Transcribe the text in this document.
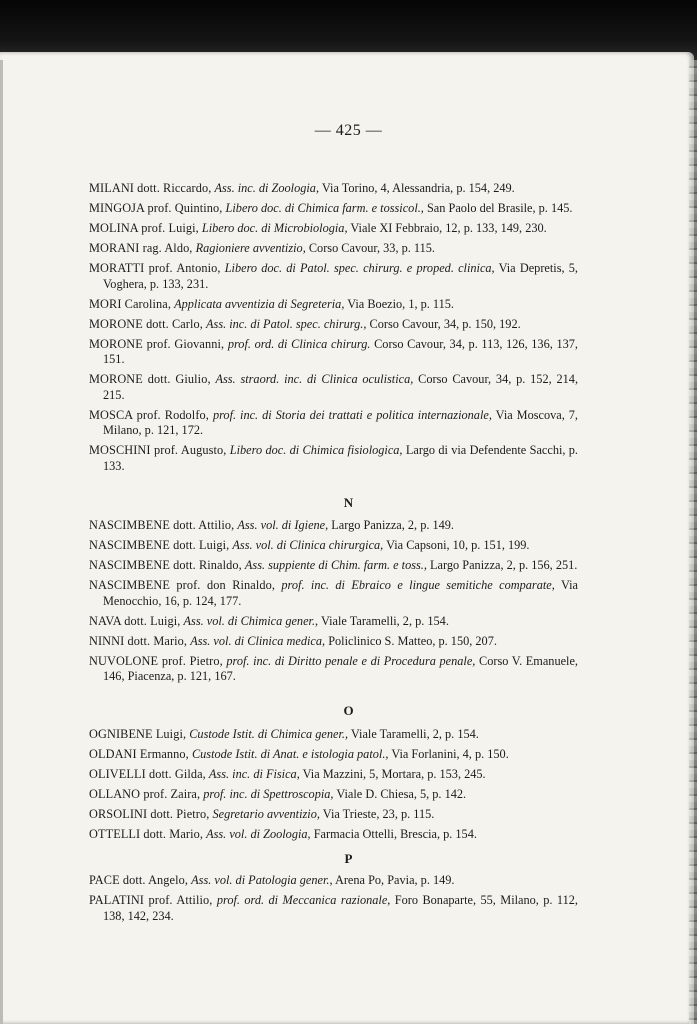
— 425 —

MILANI dott. Riccardo, Ass. inc. di Zoologia, Via Torino, 4, Alessandria, p. 154, 249.

MINGOJA prof. Quintino, Libero doc. di Chimica farm. e tossicol., San Paolo del Brasile, p. 145.

MOLINA prof. Luigi, Libero doc. di Microbiologia, Viale XI Febbraio, 12, p. 133, 149, 230.

MORANI rag. Aldo, Ragioniere avventizio, Corso Cavour, 33, p. 115.

MORATTI prof. Antonio, Libero doc. di Patol. spec. chirurg. e proped. clinica, Via Depretis, 5, Voghera, p. 133, 231.

MORI Carolina, Applicata avventizia di Segreteria, Via Boezio, 1, p. 115.

MORONE dott. Carlo, Ass. inc. di Patol. spec. chirurg., Corso Cavour, 34, p. 150, 192.

MORONE prof. Giovanni, prof. ord. di Clinica chirurg. Corso Cavour, 34, p. 113, 126, 136, 137, 151.

MORONE dott. Giulio, Ass. straord. inc. di Clinica oculistica, Corso Cavour, 34, p. 152, 214, 215.

MOSCA prof. Rodolfo, prof. inc. di Storia dei trattati e politica internazionale, Via Moscova, 7, Milano, p. 121, 172.

MOSCHINI prof. Augusto, Libero doc. di Chimica fisiologica, Largo di via Defendente Sacchi, p. 133.

N

NASCIMBENE dott. Attilio, Ass. vol. di Igiene, Largo Panizza, 2, p. 149.

NASCIMBENE dott. Luigi, Ass. vol. di Clinica chirurgica, Via Capsoni, 10, p. 151, 199.

NASCIMBENE dott. Rinaldo, Ass. suppiente di Chim. farm. e toss., Largo Panizza, 2, p. 156, 251.

NASCIMBENE prof. don Rinaldo, prof. inc. di Ebraico e lingue semitiche comparate, Via Menocchio, 16, p. 124, 177.

NAVA dott. Luigi, Ass. vol. di Chimica gener., Viale Taramelli, 2, p. 154.

NINNI dott. Mario, Ass. vol. di Clinica medica, Policlinico S. Matteo, p. 150, 207.

NUVOLONE prof. Pietro, prof. inc. di Diritto penale e di Procedura penale, Corso V. Emanuele, 146, Piacenza, p. 121, 167.

O

OGNIBENE Luigi, Custode Istit. di Chimica gener., Viale Taramelli, 2, p. 154.

OLDANI Ermanno, Custode Istit. di Anat. e istologia patol., Via Forlanini, 4, p. 150.

OLIVELLI dott. Gilda, Ass. inc. di Fisica, Via Mazzini, 5, Mortara, p. 153, 245.

OLLANO prof. Zaira, prof. inc. di Spettroscopia, Viale D. Chiesa, 5, p. 142.

ORSOLINI dott. Pietro, Segretario avventizio, Via Trieste, 23, p. 115.

OTTELLI dott. Mario, Ass. vol. di Zoologia, Farmacia Ottelli, Brescia, p. 154.

P

PACE dott. Angelo, Ass. vol. di Patologia gener., Arena Po, Pavia, p. 149.

PALATINI prof. Attilio, prof. ord. di Meccanica razionale, Foro Bonaparte, 55, Milano, p. 112, 138, 142, 234.
